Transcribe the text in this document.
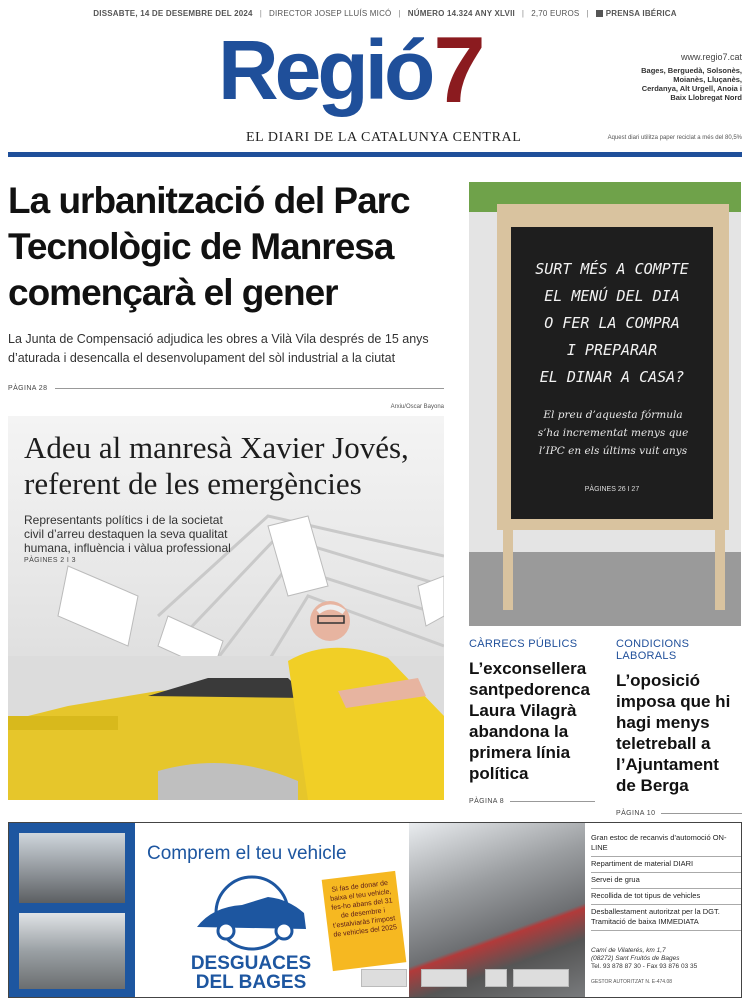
DISSABTE, 14 DE DESEMBRE DEL 2024 | DIRECTOR JOSEP LLUÍS MICÓ | NÚMERO 14.324 ANY XLVII | 2,70 EUROS |	PRENSA IBÉRICA
Regió 7
EL DIARI DE LA CATALUNYA CENTRAL
www.regio7.cat
Bages, Berguedà, Solsonès, Moianès, Lluçanès, Cerdanya, Alt Urgell, Anoia i Baix Llobregat Nord
Aquest diari utilitza paper reciclat a més del 80,5%
La urbanització del Parc Tecnològic de Manresa començarà el gener
La Junta de Compensació adjudica les obres a Vilà Vila després de 15 anys d’aturada i desencalla el desenvolupament del sòl industrial a la ciutat
PÀGINA 28
Arxiu/Oscar Bayona
Adeu al manresà Xavier Jovés, referent de les emergències
Representants polítics i de la societat civil d’arreu destaquen la seva qualitat humana, influència i vàlua professional
PÀGINES 2 I 3
SURT MÉS A COMPTE
EL MENÚ DEL DIA
O FER LA COMPRA
I PREPARAR
EL DINAR A CASA?
El preu d’aquesta fórmula
s’ha incrementat menys que
l’IPC en els últims vuit anys
PÀGINES 26 I 27
CÀRRECS PÚBLICS
L’exconsellera santpedorenca Laura Vilagrà abandona la primera línia política
PÀGINA 8
CONDICIONS LABORALS
L’oposició imposa que hi hagi menys teletreball a l’Ajuntament de Berga
PÀGINA 10
Comprem el teu vehicle
DESGUACES
DEL BAGES
Si fas de donar de baixa el teu vehicle, fes-ho abans del 31 de desembre i t’estalviaràs l’impost de vehicles del 2025
Gran estoc de recanvis d’automoció ON-LINE
Repartiment de material DIARI
Servei de grua
Recollida de tot tipus de vehicles
Desballestament autoritzat per la DGT. Tramitació de baixa IMMEDIATA
Camí de Vilaterés, km 1,7
(08272) Sant Fruitós de Bages
Tel. 93 878 87 30 - Fax 93 876 03 35
GESTOR AUTORITZAT N. E-474.08
